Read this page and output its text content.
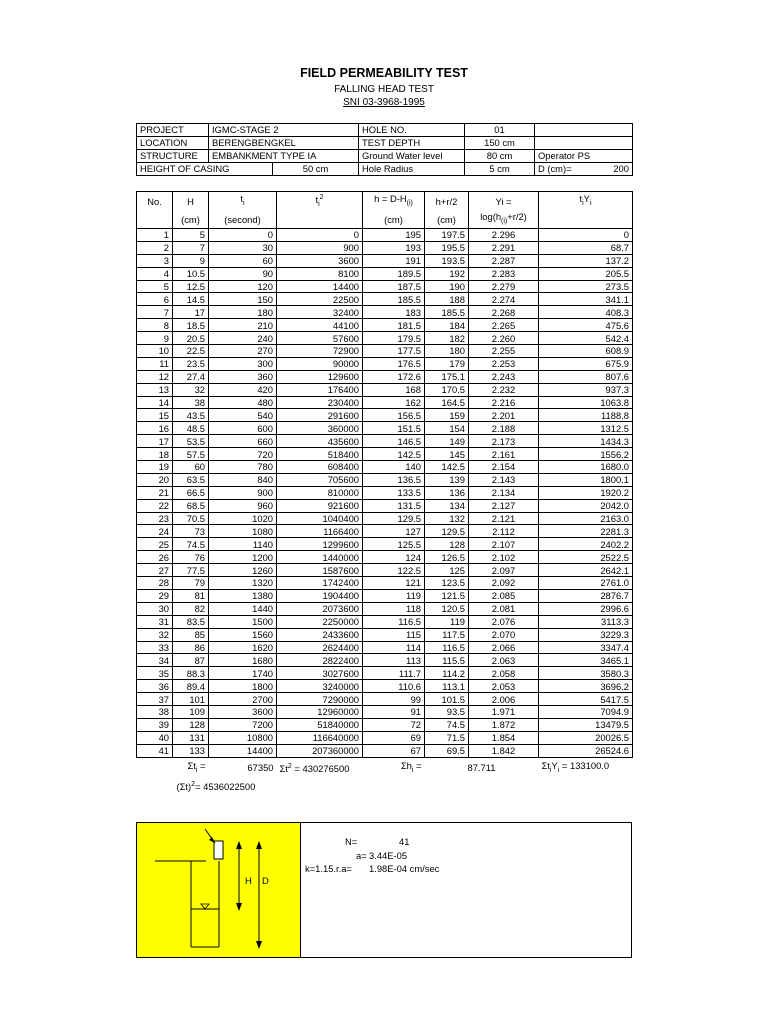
FIELD PERMEABILITY TEST
FALLING HEAD TEST
SNI 03-3968-1995
PROJECT	IGMC-STAGE 2		HOLE NO.	01	
LOCATION	BERENGBENGKEL		TEST DEPTH	150 cm	
STRUCTURE	EMBANKMENT TYPE IA		Ground Water level	80 cm	Operator PS
HEIGHT OF CASING		50 cm	Hole Radius	5 cm	D (cm)= 200
No.	H	$t_i$	$t_i^2$	$h = D-H_{(i)}$	h+r/2	Yi =	$t_iY_i$
	(cm)	(second)		(cm)	(cm)	$\log(h_{(i)}+r/2)$	
1	5	0	0	195	197.5	2.296	0
2	7	30	900	193	195.5	2.291	68.7
3	9	60	3600	191	193.5	2.287	137.2
4	10.5	90	8100	189.5	192	2.283	205.5
5	12.5	120	14400	187.5	190	2.279	273.5
6	14.5	150	22500	185.5	188	2.274	341.1
7	17	180	32400	183	185.5	2.268	408.3
8	18.5	210	44100	181.5	184	2.265	475.6
9	20.5	240	57600	179.5	182	2.260	542.4
10	22.5	270	72900	177.5	180	2.255	608.9
11	23.5	300	90000	176.5	179	2.253	675.9
12	27.4	360	129600	172.6	175.1	2.243	807.6
13	32	420	176400	168	170.5	2.232	937.3
14	38	480	230400	162	164.5	2.216	1063.8
15	43.5	540	291600	156.5	159	2.201	1188.8
16	48.5	600	360000	151.5	154	2.188	1312.5
17	53.5	660	435600	146.5	149	2.173	1434.3
18	57.5	720	518400	142.5	145	2.161	1556.2
19	60	780	608400	140	142.5	2.154	1680.0
20	63.5	840	705600	136.5	139	2.143	1800.1
21	66.5	900	810000	133.5	136	2.134	1920.2
22	68.5	960	921600	131.5	134	2.127	2042.0
23	70.5	1020	1040400	129.5	132	2.121	2163.0
24	73	1080	1166400	127	129.5	2.112	2281.3
25	74.5	1140	1299600	125.5	128	2.107	2402.2
26	76	1200	1440000	124	126.5	2.102	2522.5
27	77.5	1260	1587600	122.5	125	2.097	2642.1
28	79	1320	1742400	121	123.5	2.092	2761.0
29	81	1380	1904400	119	121.5	2.085	2876.7
30	82	1440	2073600	118	120.5	2.081	2996.6
31	83.5	1500	2250000	116.5	119	2.076	3113.3
32	85	1560	2433600	115	117.5	2.070	3229.3
33	86	1620	2624400	114	116.5	2.066	3347.4
34	87	1680	2822400	113	115.5	2.063	3465.1
35	88.3	1740	3027600	111.7	114.2	2.058	3580.3
36	89.4	1800	3240000	110.6	113.1	2.053	3696.2
37	101	2700	7290000	99	101.5	2.006	5417.5
38	109	3600	12960000	91	93.5	1.971	7094.9
39	128	7200	51840000	72	74.5	1.872	13479.5
40	131	10800	116640000	69	71.5	1.854	20026.5
41	133	14400	207360000	67	69.5	1.842	26524.6
$\Sigma t_i$ =		67350	$\Sigma t^2 = 430276500$	$\Sigma h_i$ =	87.711		$\Sigma t_iY_i = 133100.0$
$(\Sigma t)^2= 4536022500$							
H D
N=	41
a= 3.44E-05
k=1.15.r.a= 1.98E-04 cm/sec
